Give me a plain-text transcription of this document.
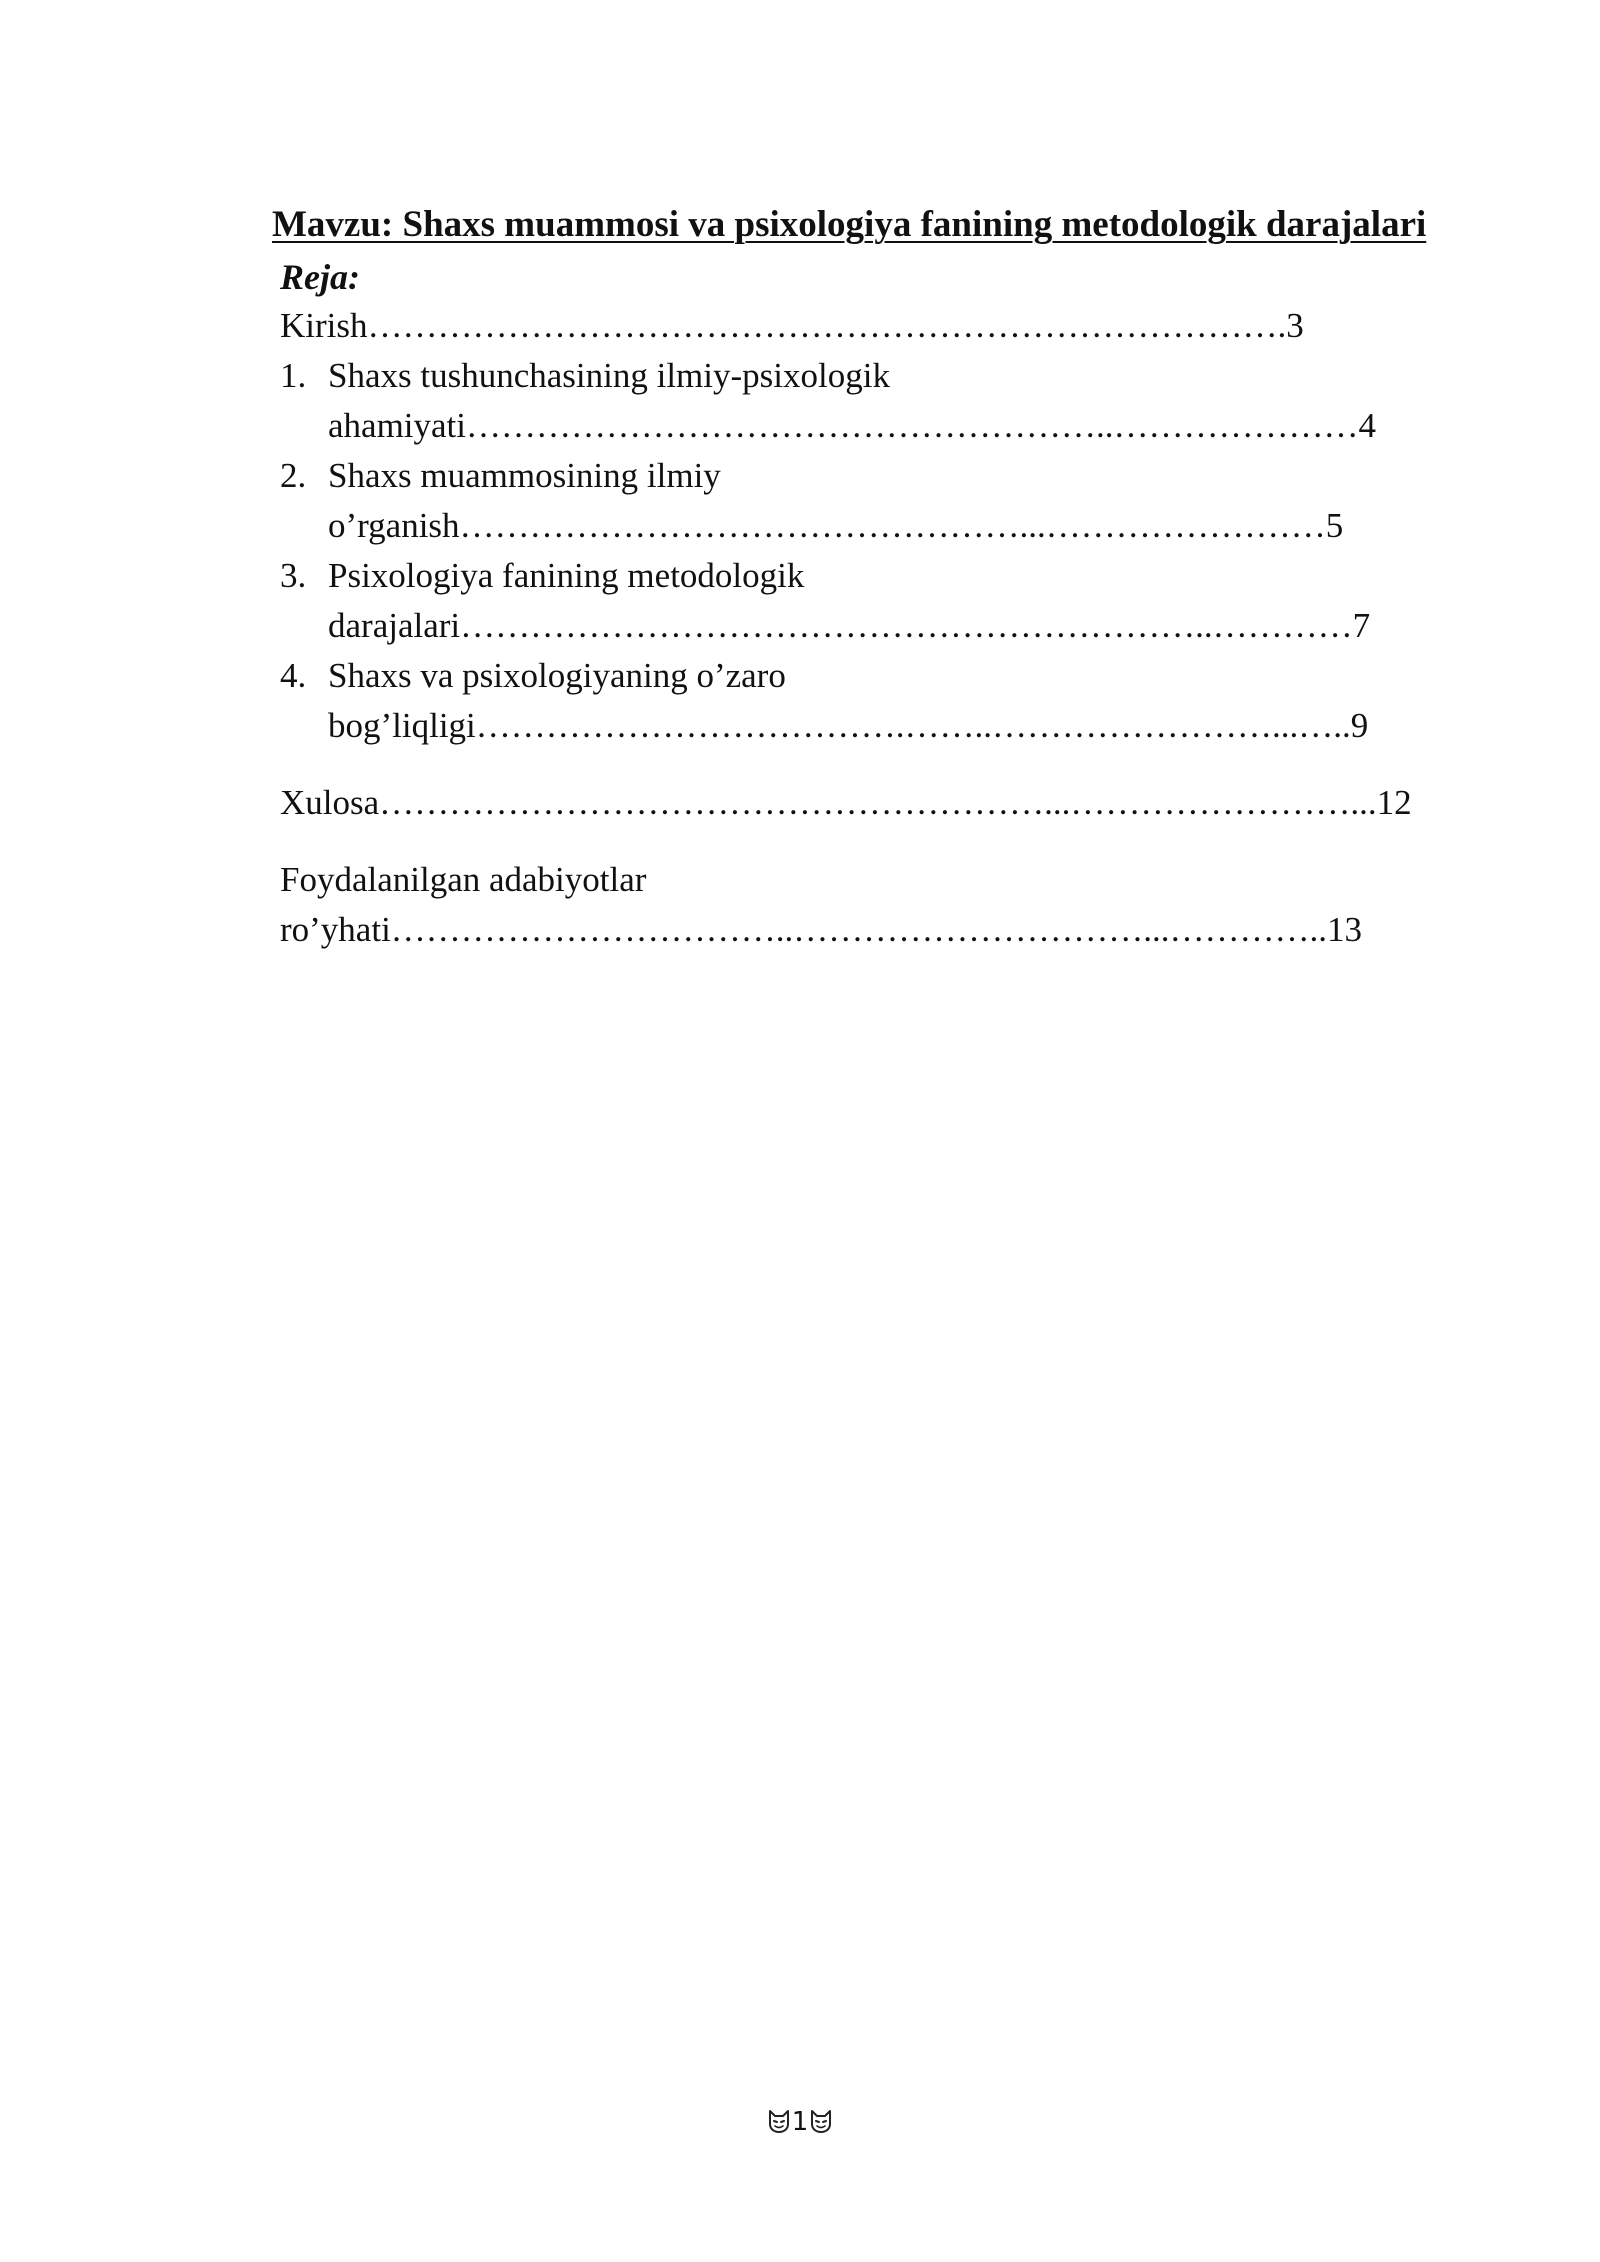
Mavzu: Shaxs muammosi va psixologiya fanining metodologik darajalari
Reja:
Kirish…………………………………………………………………….3
1. Shaxs tushunchasining ilmiy-psixologik
ahamiyati………………………………………………..…………………4
2. Shaxs muammosining ilmiy
o’rganish…………………………………………...……………………5
3. Psixologiya fanining metodologik
darajalari………………………………………………………..…………7
4. Shaxs va psixologiyaning o’zaro
bog’liqligi……………………………….……..……………………...…..9
Xulosa…………………………………………………...……………………...12
Foydalanilgan adabiyotlar
ro’yhati……………………………..…………………………...…………..13
1
